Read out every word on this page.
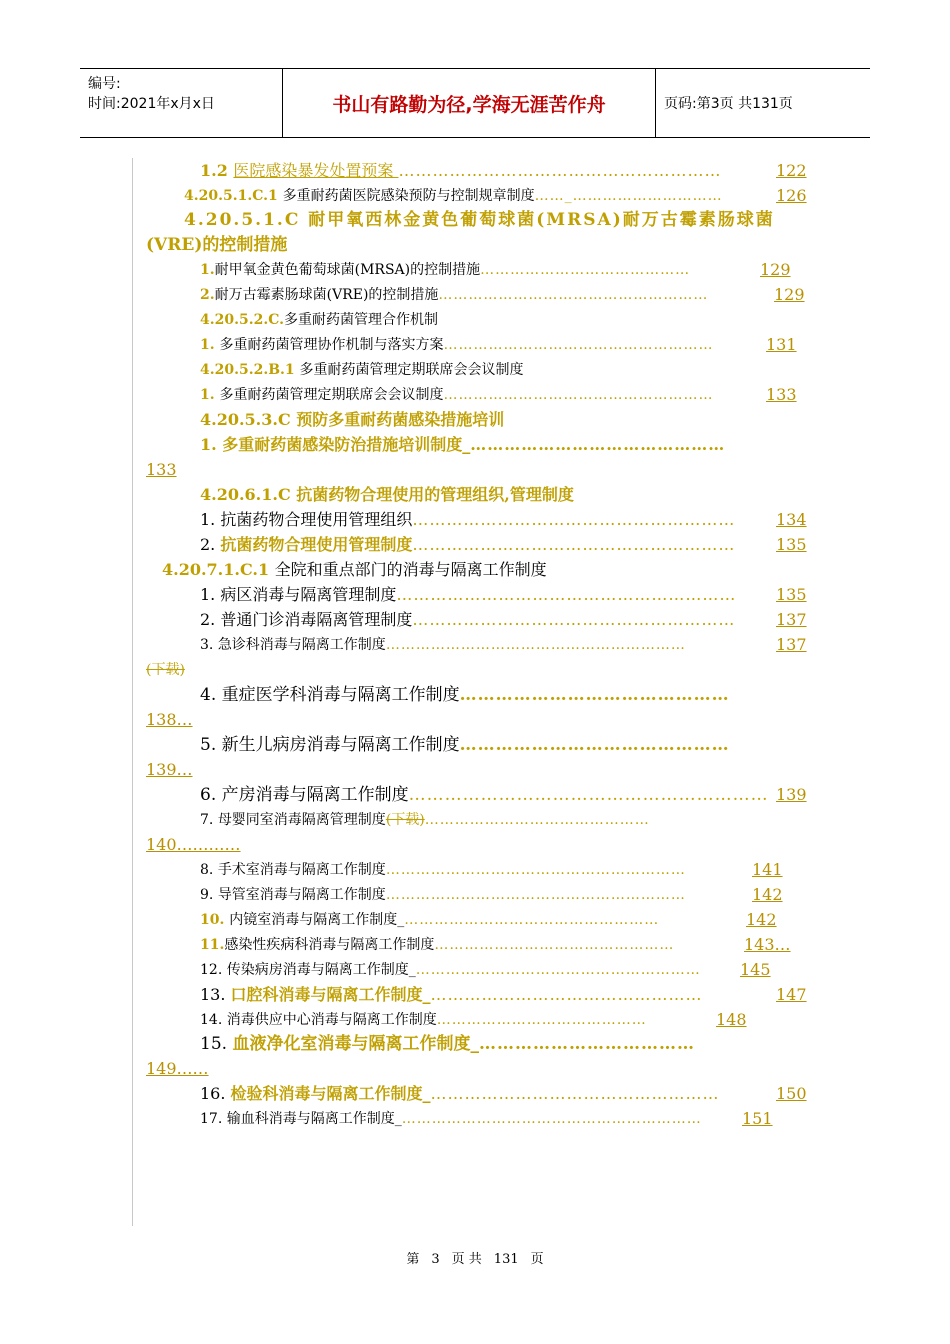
编号:
时间:2021年x月x日	书山有路勤为径,学海无涯苦作舟	页码:第3页 共131页
1.2 医院感染暴发处置预案 …………………………………………………	122
4.20.5.1.C.1 多重耐药菌医院感染预防与控制规章制度……_…………………………	126
4.20.5.1.C 耐甲氧西林金黄色葡萄球菌(MRSA)耐万古霉素肠球菌
(VRE)的控制措施
1.耐甲氧金黄色葡萄球菌(MRSA)的控制措施……………………………………	129
2.耐万古霉素肠球菌(VRE)的控制措施………………………………………………	129
4.20.5.2.C.多重耐药菌管理合作机制
1. 多重耐药菌管理协作机制与落实方案………………………………………………	131
4.20.5.2.B.1 多重耐药菌管理定期联席会会议制度
1. 多重耐药菌管理定期联席会会议制度………………………………………………	133
4.20.5.3.C 预防多重耐药菌感染措施培训
1. 多重耐药菌感染防治措施培训制度_………………………………………
133
4.20.6.1.C 抗菌药物合理使用的管理组织,管理制度
1. 抗菌药物合理使用管理组织…………………………………………………	134
2. 抗菌药物合理使用管理制度…………………………………………………	135
4.20.7.1.C.1 全院和重点部门的消毒与隔离工作制度
1. 病区消毒与隔离管理制度……………………………………………………	135
2. 普通门诊消毒隔离管理制度…………………………………………………	137
3. 急诊科消毒与隔离工作制度……………………………………………………	137
(下载)
4. 重症医学科消毒与隔离工作制度………………………………………
138…
5. 新生儿病房消毒与隔离工作制度………………………………………
139…
6. 产房消毒与隔离工作制度…………………………………………………… 139
7. 母婴同室消毒隔离管理制度(下载)………………………………………
140…………
8. 手术室消毒与隔离工作制度……………………………………………………	141
9. 导管室消毒与隔离工作制度……………………………………………………	142
10. 内镜室消毒与隔离工作制度_……………………………………………	142
11.感染性疾病科消毒与隔离工作制度…………………………………………	143…
12. 传染病房消毒与隔离工作制度_…………………………………………………	145
13. 口腔科消毒与隔离工作制度_…………………………………………	147
14. 消毒供应中心消毒与隔离工作制度……………………………………	148
15. 血液净化室消毒与隔离工作制度_………………………………
149……
16. 检验科消毒与隔离工作制度_……………………………………………	150
17. 输血科消毒与隔离工作制度_……………………………………………………	151
第 3 页 共 131 页
